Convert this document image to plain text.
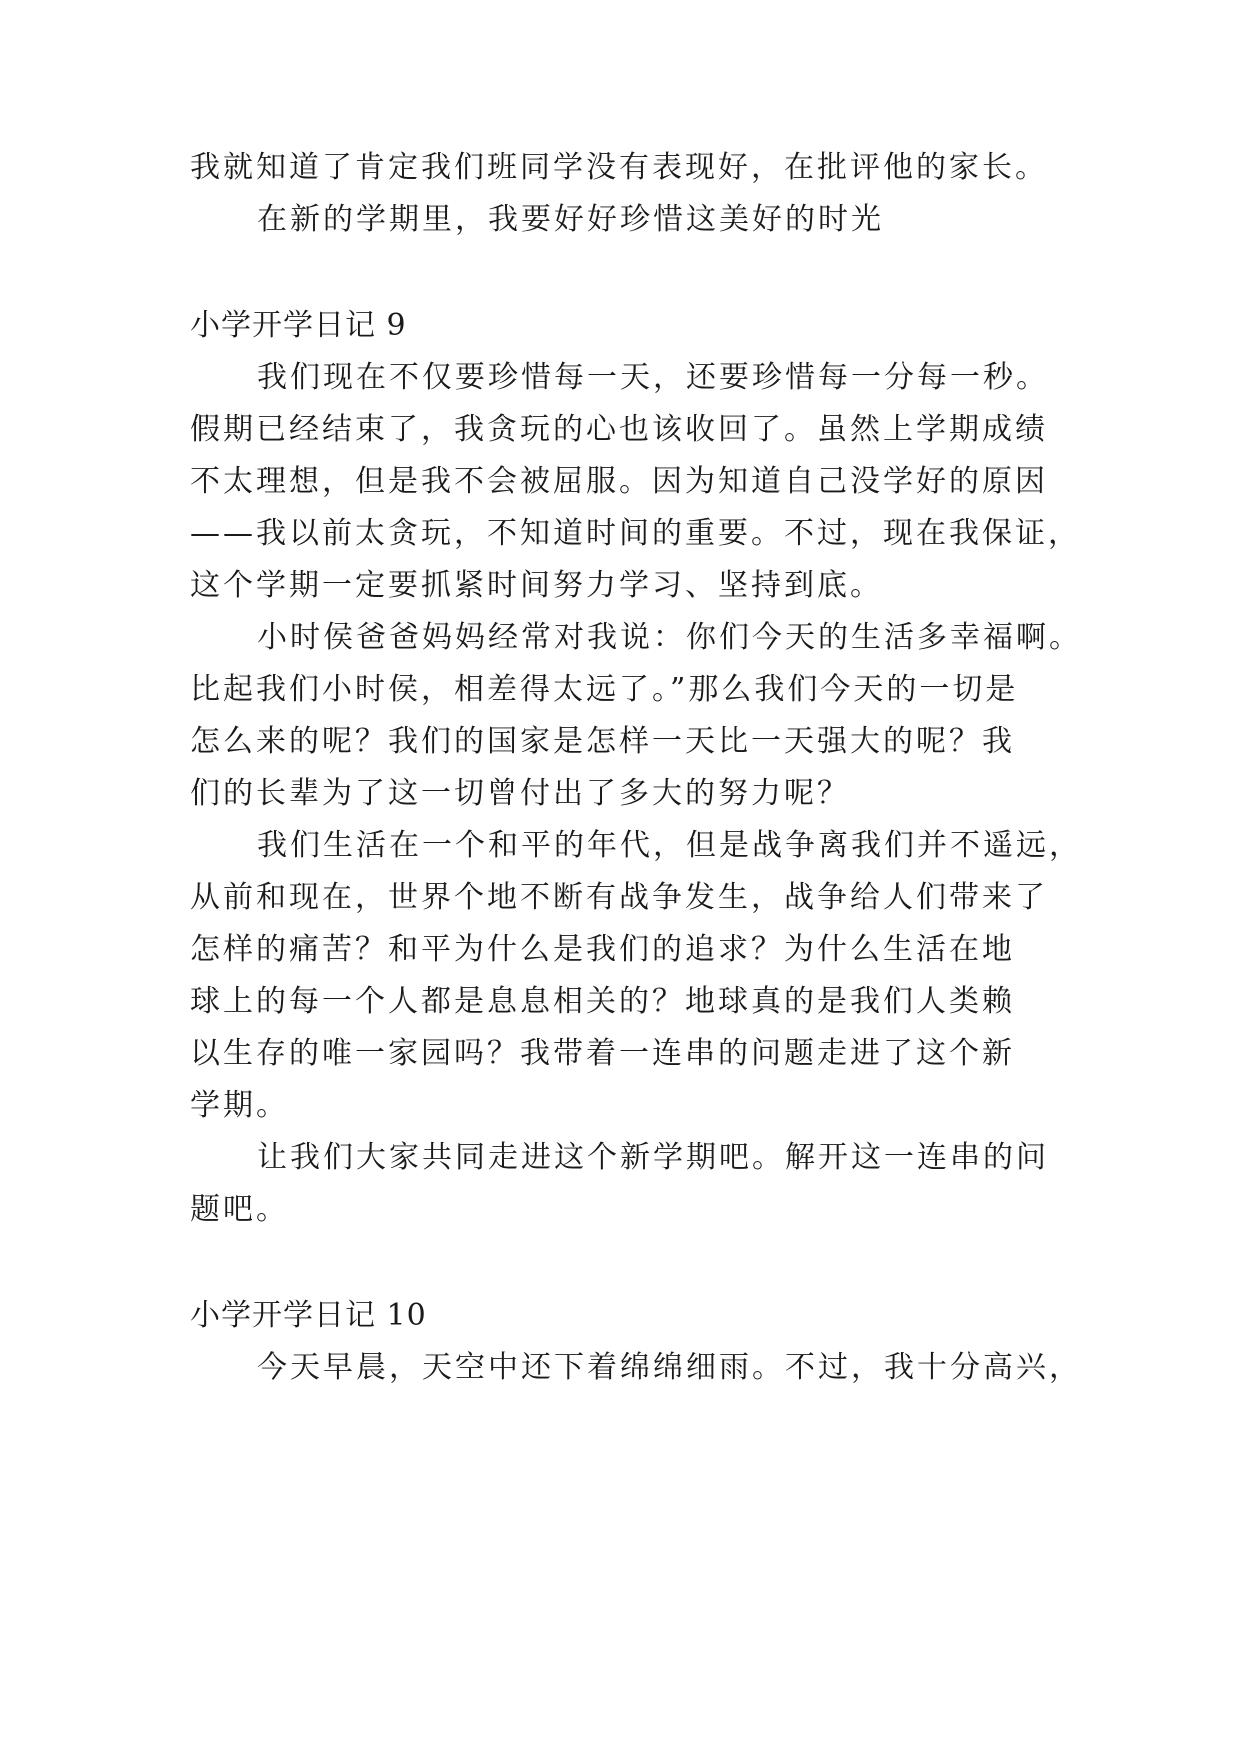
我就知道了肯定我们班同学没有表现好，在批评他的家长。
在新的学期里，我要好好珍惜这美好的时光
小学开学日记 9
我们现在不仅要珍惜每一天，还要珍惜每一分每一秒。
假期已经结束了，我贪玩的心也该收回了。虽然上学期成绩
不太理想，但是我不会被屈服。因为知道自己没学好的原因
——我以前太贪玩，不知道时间的重要。不过，现在我保证，
这个学期一定要抓紧时间努力学习、坚持到底。
小时侯爸爸妈妈经常对我说：你们今天的生活多幸福啊。
比起我们小时侯，相差得太远了。”那么我们今天的一切是
怎么来的呢？我们的国家是怎样一天比一天强大的呢？我
们的长辈为了这一切曾付出了多大的努力呢？
我们生活在一个和平的年代，但是战争离我们并不遥远，
从前和现在，世界个地不断有战争发生，战争给人们带来了
怎样的痛苦？和平为什么是我们的追求？为什么生活在地
球上的每一个人都是息息相关的？地球真的是我们人类赖
以生存的唯一家园吗？我带着一连串的问题走进了这个新
学期。
让我们大家共同走进这个新学期吧。解开这一连串的问
题吧。
小学开学日记 10
今天早晨，天空中还下着绵绵细雨。不过，我十分高兴，
